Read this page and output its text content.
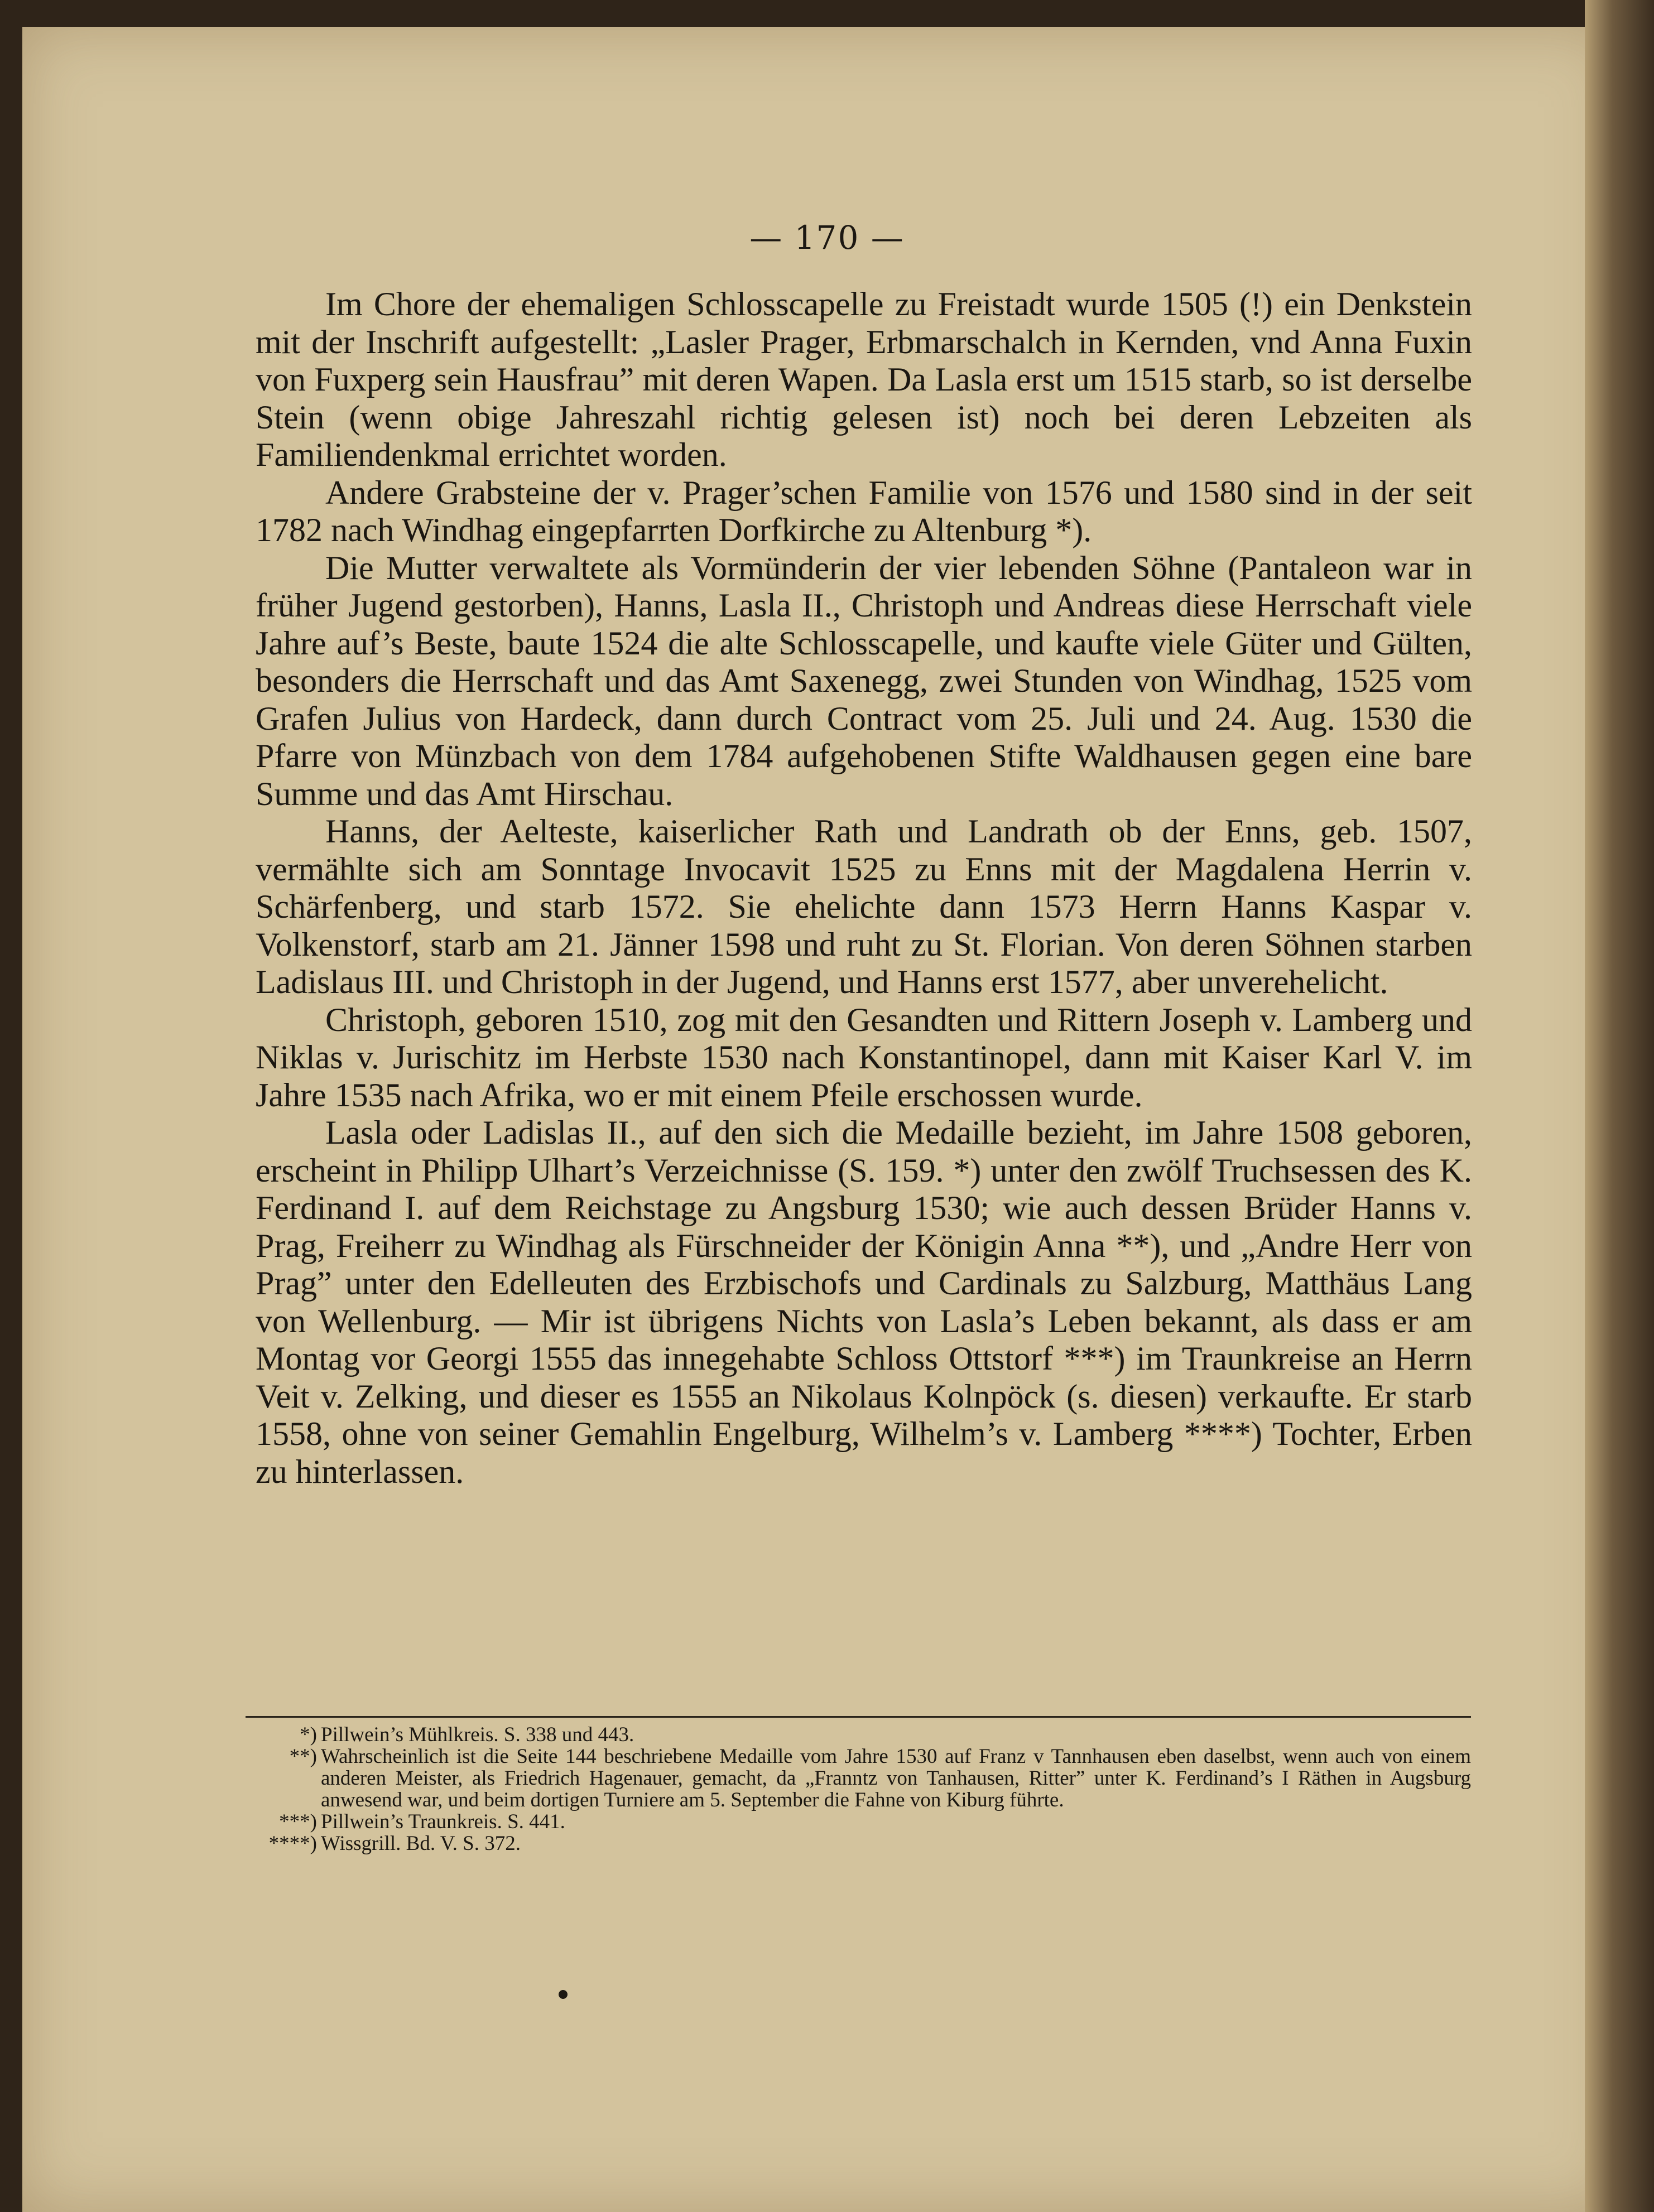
— 170 —

Im Chore der ehemaligen Schlosscapelle zu Freistadt wurde 1505 (!) ein Denkstein mit der Inschrift aufgestellt: „Lasler Prager, Erbmarschalch in Kernden, vnd Anna Fuxin von Fuxperg sein Hausfrau” mit deren Wapen. Da Lasla erst um 1515 starb, so ist derselbe Stein (wenn obige Jahreszahl richtig gelesen ist) noch bei deren Lebzeiten als Familiendenkmal errichtet worden.

Andere Grabsteine der v. Prager’schen Familie von 1576 und 1580 sind in der seit 1782 nach Windhag eingepfarrten Dorfkirche zu Altenburg *).

Die Mutter verwaltete als Vormünderin der vier lebenden Söhne (Pantaleon war in früher Jugend gestorben), Hanns, Lasla II., Christoph und Andreas diese Herrschaft viele Jahre auf’s Beste, baute 1524 die alte Schlosscapelle, und kaufte viele Güter und Gülten, besonders die Herrschaft und das Amt Saxenegg, zwei Stunden von Windhag, 1525 vom Grafen Julius von Hardeck, dann durch Contract vom 25. Juli und 24. Aug. 1530 die Pfarre von Münzbach von dem 1784 aufgehobenen Stifte Waldhausen gegen eine bare Summe und das Amt Hirschau.

Hanns, der Aelteste, kaiserlicher Rath und Landrath ob der Enns, geb. 1507, vermählte sich am Sonntage Invocavit 1525 zu Enns mit der Magdalena Herrin v. Schärfenberg, und starb 1572. Sie ehelichte dann 1573 Herrn Hanns Kaspar v. Volkenstorf, starb am 21. Jänner 1598 und ruht zu St. Florian. Von deren Söhnen starben Ladislaus III. und Christoph in der Jugend, und Hanns erst 1577, aber unverehelicht.

Christoph, geboren 1510, zog mit den Gesandten und Rittern Joseph v. Lamberg und Niklas v. Jurischitz im Herbste 1530 nach Konstantinopel, dann mit Kaiser Karl V. im Jahre 1535 nach Afrika, wo er mit einem Pfeile erschossen wurde.

Lasla oder Ladislas II., auf den sich die Medaille bezieht, im Jahre 1508 geboren, erscheint in Philipp Ulhart’s Verzeichnisse (S. 159. *) unter den zwölf Truchsessen des K. Ferdinand I. auf dem Reichstage zu Angsburg 1530; wie auch dessen Brüder Hanns v. Prag, Freiherr zu Windhag als Fürschneider der Königin Anna **), und „Andre Herr von Prag” unter den Edelleuten des Erzbischofs und Cardinals zu Salzburg, Matthäus Lang von Wellenburg. — Mir ist übrigens Nichts von Lasla’s Leben bekannt, als dass er am Montag vor Georgi 1555 das innegehabte Schloss Ottstorf ***) im Traunkreise an Herrn Veit v. Zelking, und dieser es 1555 an Nikolaus Kolnpöck (s. diesen) verkaufte. Er starb 1558, ohne von seiner Gemahlin Engelburg, Wilhelm’s v. Lamberg ****) Tochter, Erben zu hinterlassen.

*) Pillwein’s Mühlkreis. S. 338 und 443.
**) Wahrscheinlich ist die Seite 144 beschriebene Medaille vom Jahre 1530 auf Franz v Tannhausen eben daselbst, wenn auch von einem anderen Meister, als Friedrich Hagenauer, gemacht, da „Franntz von Tanhausen, Ritter” unter K. Ferdinand’s I Räthen in Augsburg anwesend war, und beim dortigen Turniere am 5. September die Fahne von Kiburg führte.
***) Pillwein’s Traunkreis. S. 441.
****) Wissgrill. Bd. V. S. 372.
